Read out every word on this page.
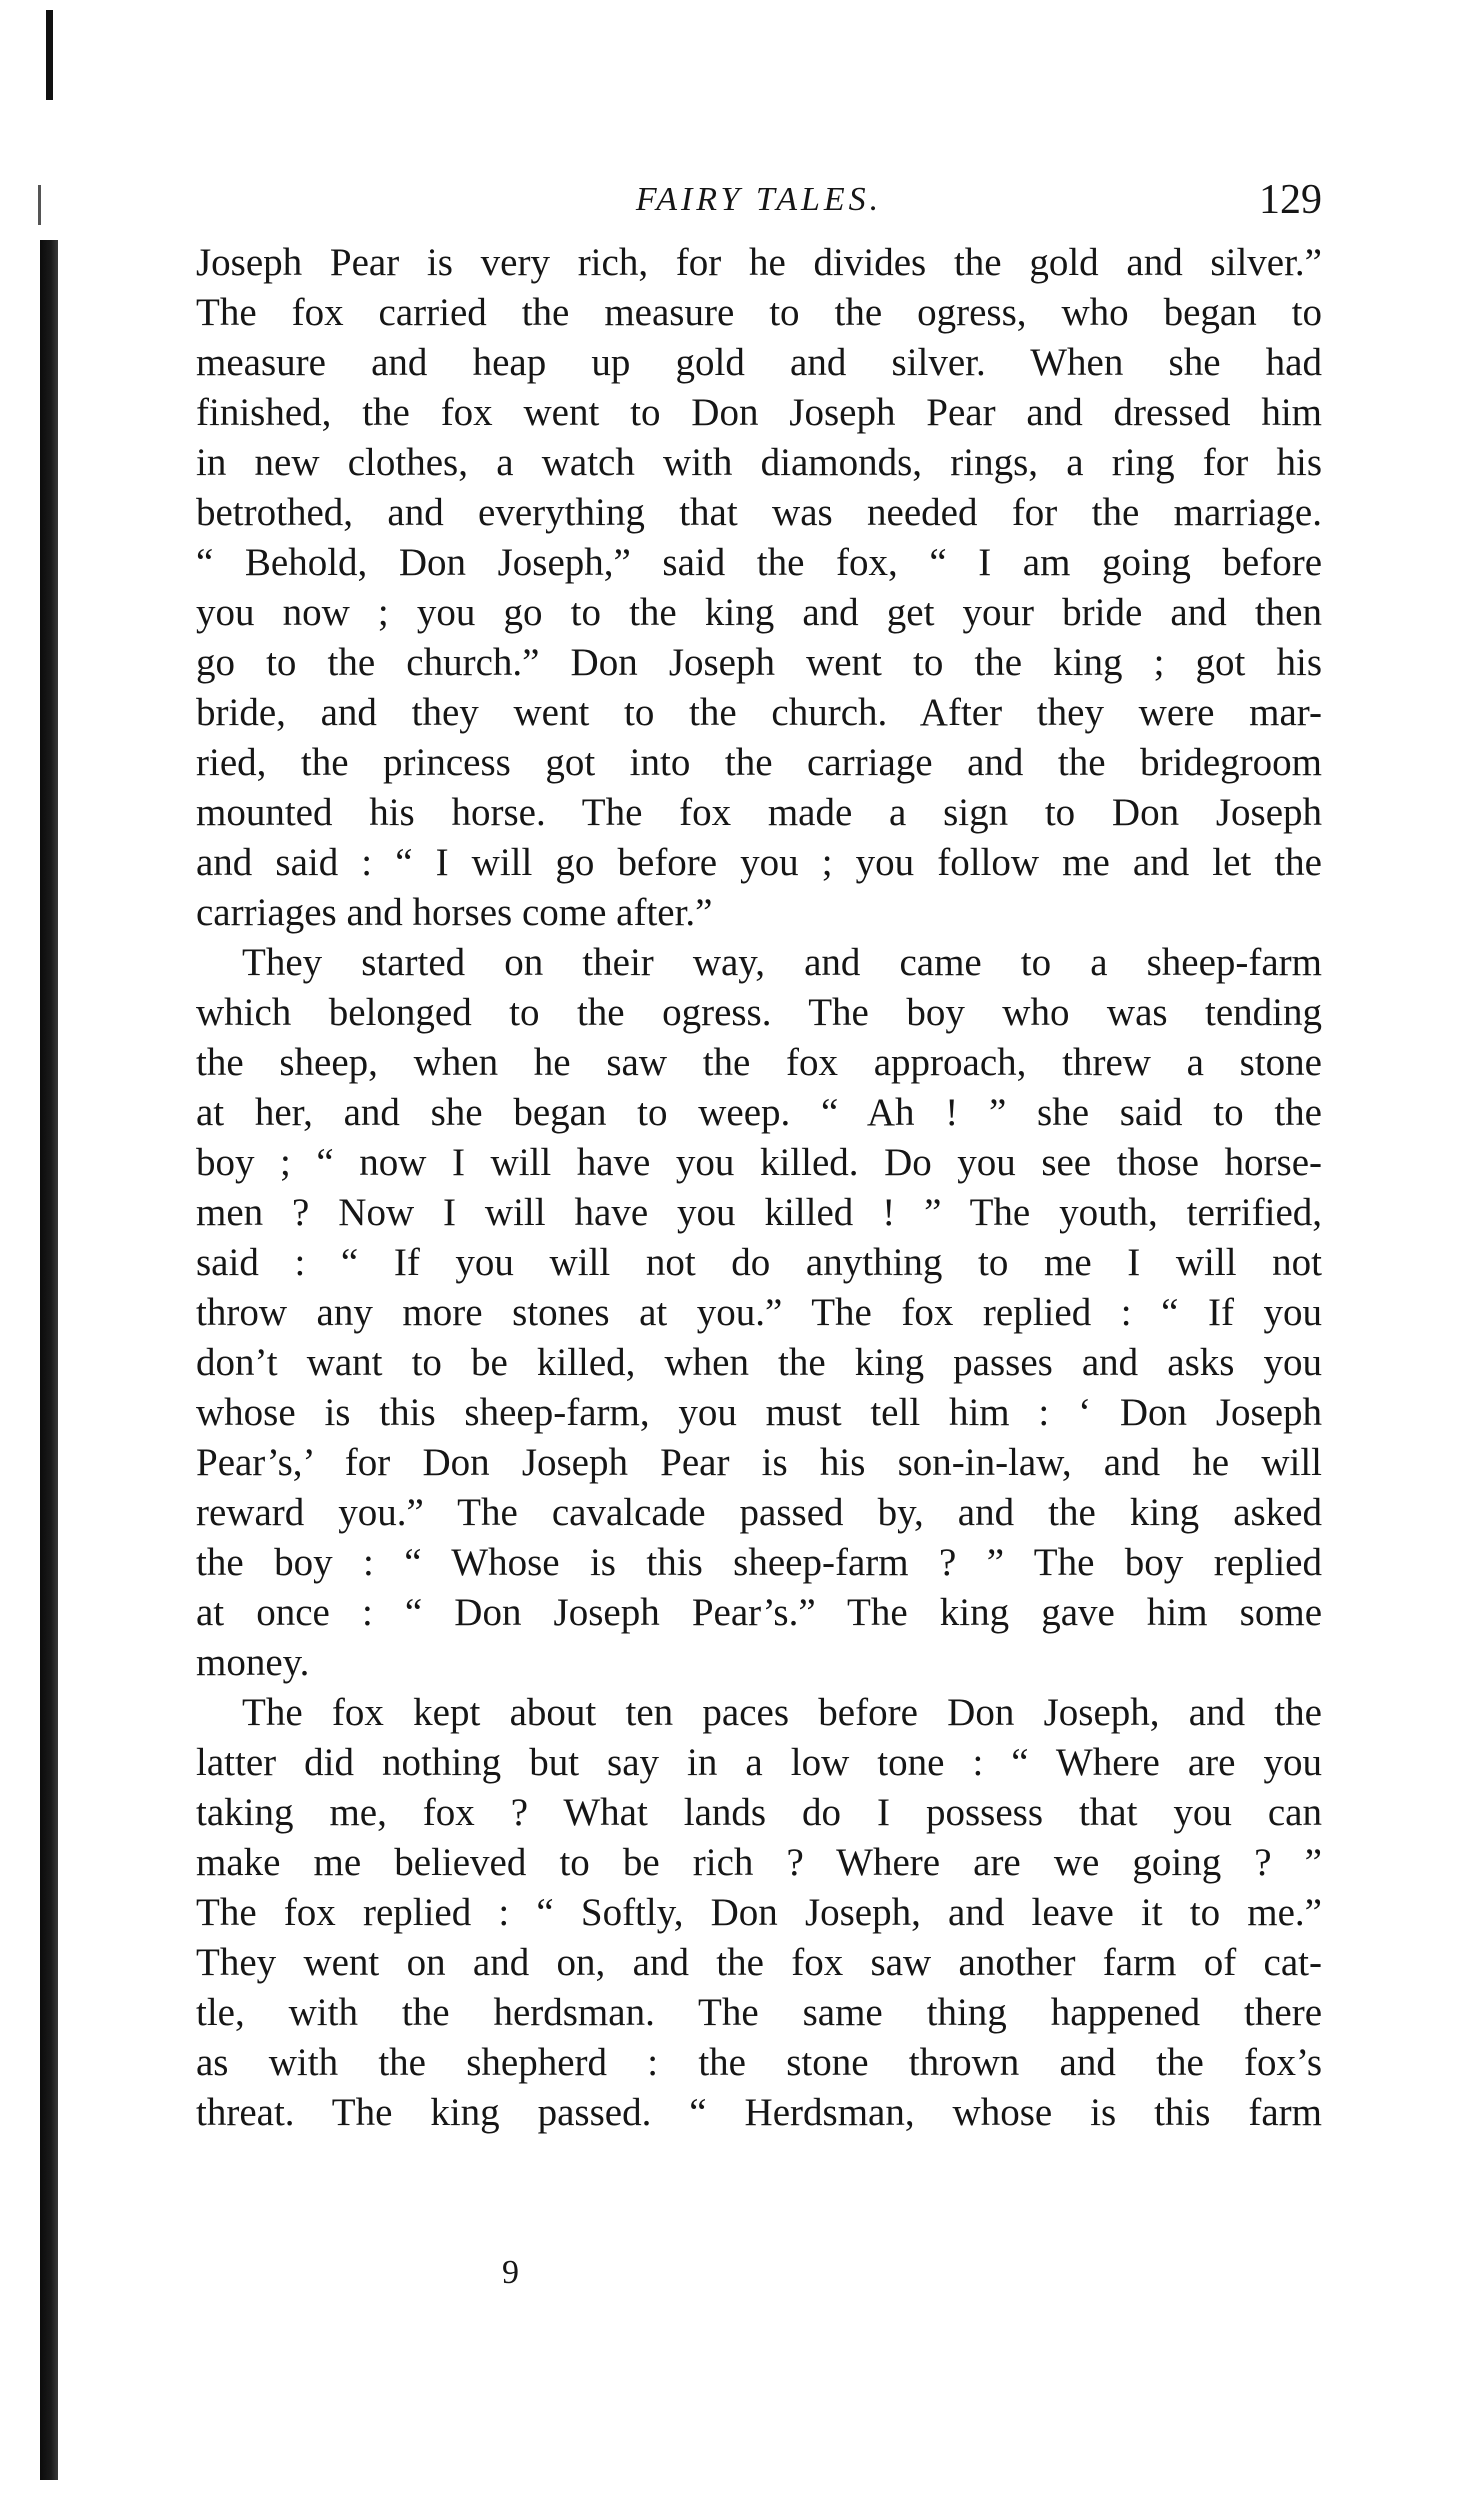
FAIRY TALES.	129

Joseph Pear is very rich, for he divides the gold and silver.”
The fox carried the measure to the ogress, who began to
measure and heap up gold and silver. When she had
finished, the fox went to Don Joseph Pear and dressed him
in new clothes, a watch with diamonds, rings, a ring for his
betrothed, and everything that was needed for the marriage.
“ Behold, Don Joseph,” said the fox, “ I am going before
you now ; you go to the king and get your bride and then
go to the church.” Don Joseph went to the king ; got his
bride, and they went to the church. After they were mar-
ried, the princess got into the carriage and the bridegroom
mounted his horse. The fox made a sign to Don Joseph
and said : “ I will go before you ; you follow me and let the
carriages and horses come after.”

They started on their way, and came to a sheep-farm
which belonged to the ogress. The boy who was tending
the sheep, when he saw the fox approach, threw a stone
at her, and she began to weep. “ Ah ! ” she said to the
boy ; “ now I will have you killed. Do you see those horse-
men ? Now I will have you killed ! ” The youth, terrified,
said : “ If you will not do anything to me I will not
throw any more stones at you.” The fox replied : “ If you
don’t want to be killed, when the king passes and asks you
whose is this sheep-farm, you must tell him : ‘ Don Joseph
Pear’s,’ for Don Joseph Pear is his son-in-law, and he will
reward you.” The cavalcade passed by, and the king asked
the boy : “ Whose is this sheep-farm ? ” The boy replied
at once : “ Don Joseph Pear’s.” The king gave him some
money.

The fox kept about ten paces before Don Joseph, and the
latter did nothing but say in a low tone : “ Where are you
taking me, fox ? What lands do I possess that you can
make me believed to be rich ? Where are we going ? ”
The fox replied : “ Softly, Don Joseph, and leave it to me.”
They went on and on, and the fox saw another farm of cat-
tle, with the herdsman. The same thing happened there
as with the shepherd : the stone thrown and the fox’s
threat. The king passed. “ Herdsman, whose is this farm

9
